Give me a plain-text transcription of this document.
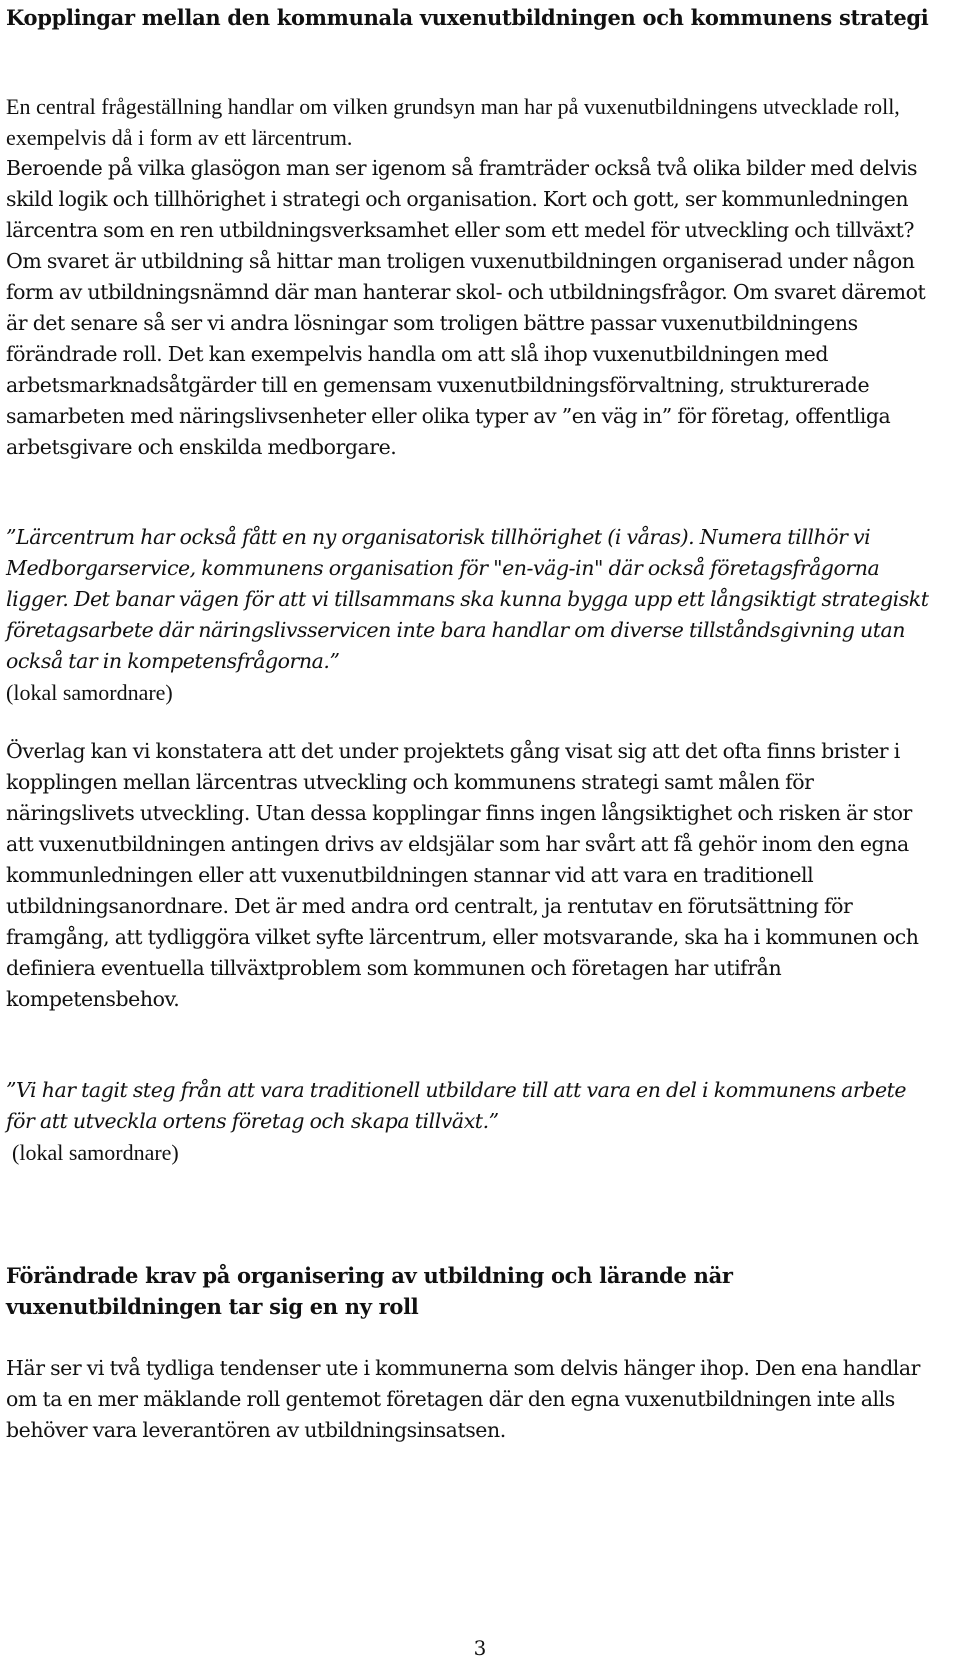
Kopplingar mellan den kommunala vuxenutbildningen och kommunens strategi

En central frågeställning handlar om vilken grundsyn man har på vuxenutbildningens utvecklade roll, exempelvis då i form av ett lärcentrum.

Beroende på vilka glasögon man ser igenom så framträder också två olika bilder med delvis skild logik och tillhörighet i strategi och organisation. Kort och gott, ser kommunledningen lärcentra som en ren utbildningsverksamhet eller som ett medel för utveckling och tillväxt? Om svaret är utbildning så hittar man troligen vuxenutbildningen organiserad under någon form av utbildningsnämnd där man hanterar skol- och utbildningsfrågor. Om svaret däremot är det senare så ser vi andra lösningar som troligen bättre passar vuxenutbildningens förändrade roll. Det kan exempelvis handla om att slå ihop vuxenutbildningen med arbetsmarknadsåtgärder till en gemensam vuxenutbildningsförvaltning, strukturerade samarbeten med näringslivsenheter eller olika typer av ”en väg in” för företag, offentliga arbetsgivare och enskilda medborgare.

”Lärcentrum har också fått en ny organisatorisk tillhörighet (i våras). Numera tillhör vi Medborgarservice, kommunens organisation för "en-väg-in" där också företagsfrågorna ligger. Det banar vägen för att vi tillsammans ska kunna bygga upp ett långsiktigt strategiskt företagsarbete där näringslivsservicen inte bara handlar om diverse tillståndsgivning utan också tar in kompetensfrågorna.”

(lokal samordnare)

Överlag kan vi konstatera att det under projektets gång visat sig att det ofta finns brister i kopplingen mellan lärcentras utveckling och kommunens strategi samt målen för näringslivets utveckling. Utan dessa kopplingar finns ingen långsiktighet och risken är stor att vuxenutbildningen antingen drivs av eldsjälar som har svårt att få gehör inom den egna kommunledningen eller att vuxenutbildningen stannar vid att vara en traditionell utbildningsanordnare. Det är med andra ord centralt, ja rentutav en förutsättning för framgång, att tydliggöra vilket syfte lärcentrum, eller motsvarande, ska ha i kommunen och definiera eventuella tillväxtproblem som kommunen och företagen har utifrån kompetensbehov.

”Vi har tagit steg från att vara traditionell utbildare till att vara en del i kommunens arbete för att utveckla ortens företag och skapa tillväxt.”

(lokal samordnare)

Förändrade krav på organisering av utbildning och lärande när vuxenutbildningen tar sig en ny roll

Här ser vi två tydliga tendenser ute i kommunerna som delvis hänger ihop. Den ena handlar om ta en mer mäklande roll gentemot företagen där den egna vuxenutbildningen inte alls behöver vara leverantören av utbildningsinsatsen.

3
